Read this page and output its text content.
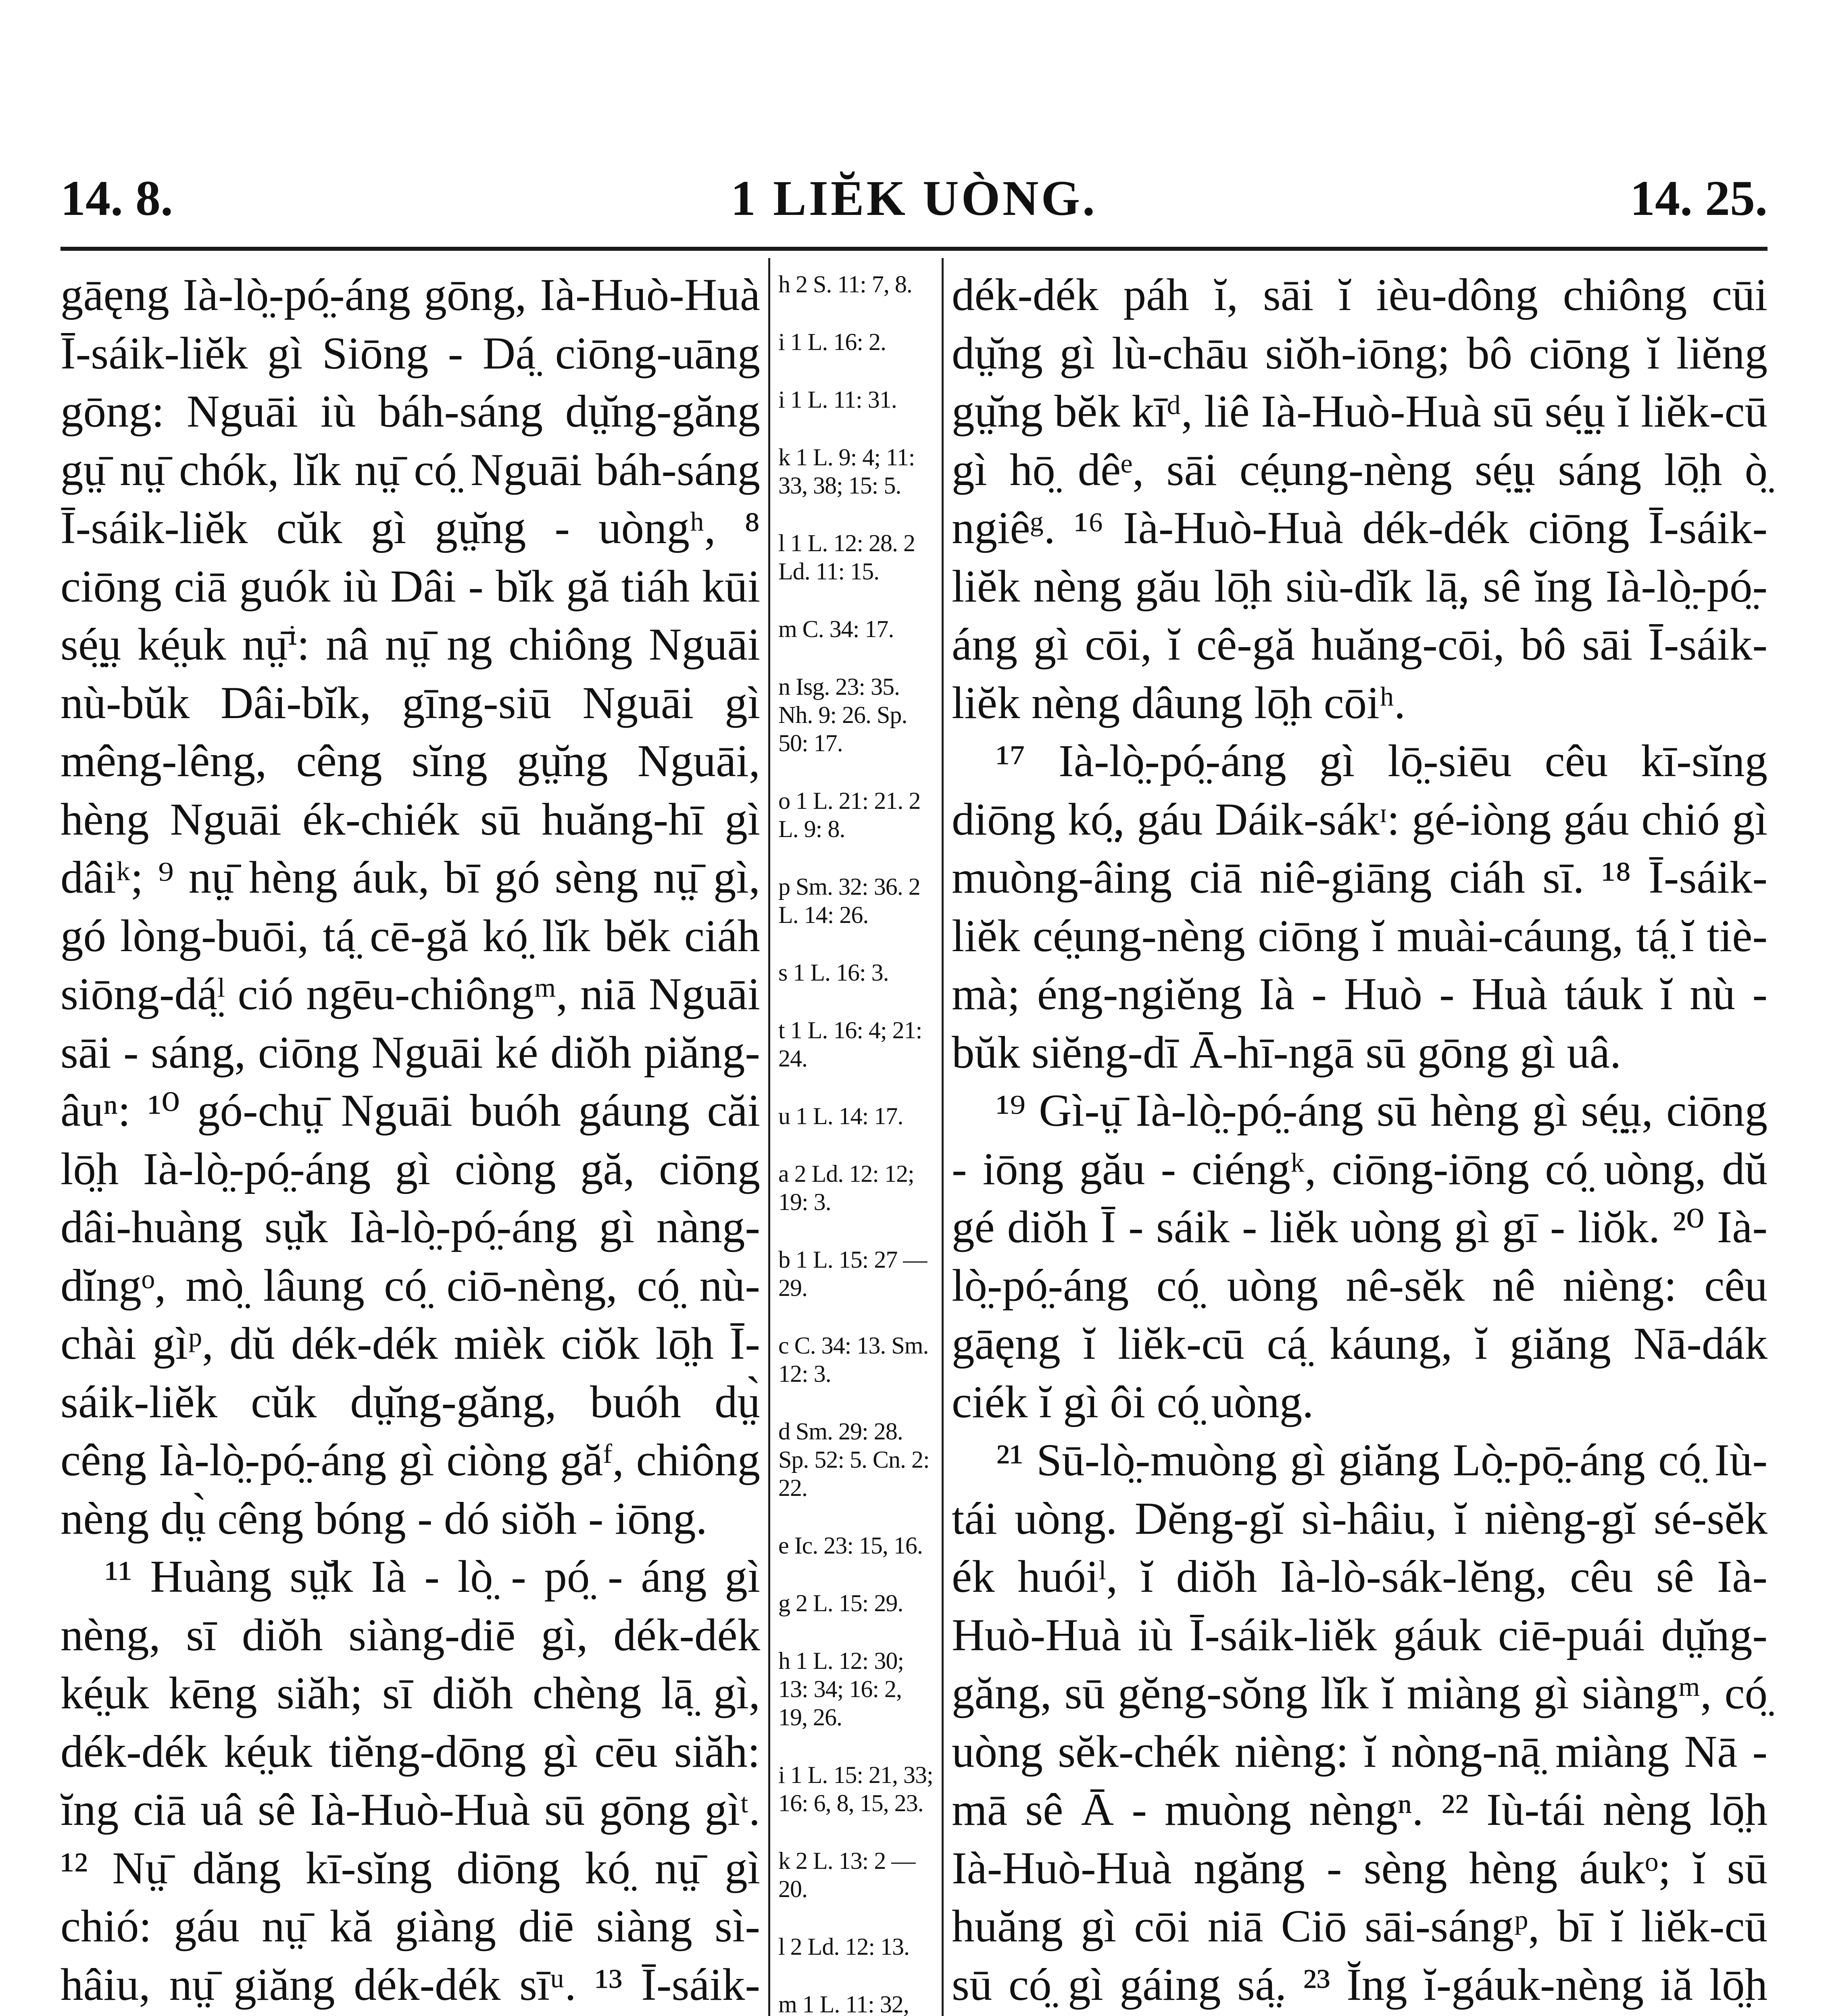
14. 8.	1 LIĔK UÒNG.	14. 25.

gāęng Ià-lò̤-pó̤-áng gōng, Ià-Huò-Huà Ī-sáik-liĕk gì Siōng - Dá̤ ciōng-uāng gōng: Nguāi iù báh-sáng dṳ̆ng-găng gṳ̄ nṳ̄ chók, lĭk nṳ̄ có̤ Nguāi báh-sáng Ī-sáik-liĕk cŭk gì gṳ̆ng - uòngʰ, ⁸ ciōng ciā guók iù Dâi - bĭk gă tiáh kūi sé̤ṳ ké̤uk nṳ̄ⁱ: nâ nṳ̄ ng chiông Nguāi nù-bŭk Dâi-bĭk, gīng-siū Nguāi gì mêng-lêng, cêng sĭng gṳ̆ng Nguāi, hèng Nguāi ék-chiék sū huăng-hī gì dâiᵏ; ⁹ nṳ̄ hèng áuk, bī gó sèng nṳ̄ gì, gó lòng-buōi, tá̤ cē-gă kó̤ lĭk bĕk ciáh siōng-dá̤ˡ ció ngēu-chiôngᵐ, niā Nguāi sāi - sáng, ciōng Nguāi ké diŏh piăng-âuⁿ: ¹⁰ gó-chṳ̄ Nguāi buóh gáung căi lō̤h Ià-lò̤-pó̤-áng gì ciòng gă, ciōng dâi-huàng sṳ̆k Ià-lò̤-pó̤-áng gì nàng-dĭngᵒ, mò̤ lâung có̤ ciō-nèng, có̤ nù-chài gìᵖ, dŭ dék-dék mièk ciŏk lō̤h Ī-sáik-liĕk cŭk dṳ̆ng-găng, buóh dṳ̀ cêng Ià-lò̤-pó̤-áng gì ciòng găᶠ, chiông nèng dṳ̀ cêng bóng - dó siŏh - iōng.

¹¹ Huàng sṳ̆k Ià - lò̤ - pó̤ - áng gì nèng, sī diŏh siàng-diē gì, dék-dék ké̤uk kēng siăh; sī diŏh chèng lā̤ gì, dék-dék ké̤uk tiĕng-dōng gì cēu siăh: ĭng ciā uâ sê Ià-Huò-Huà sū gōng gìᵗ. ¹² Nṳ̄ dăng kī-sĭng diōng kó̤ nṳ̄ gì chió: gáu nṳ̄ kă giàng diē siàng sì-hâiu, nṳ̄ giăng dék-dék sīᵘ. ¹³ Ī-sáik-

h 2 S. 11: 7, 8.
i 1 L. 16: 2.
i 1 L. 11: 31.
k 1 L. 9: 4; 11: 33, 38; 15: 5.
l 1 L. 12: 28. 2 Ld. 11: 15.
m C. 34: 17.
n Isg. 23: 35. Nh. 9: 26. Sp. 50: 17.
o 1 L. 21: 21. 2 L. 9: 8.
p Sm. 32: 36. 2 L. 14: 26.
s 1 L. 16: 3.
t 1 L. 16: 4; 21: 24.
u 1 L. 14: 17.
a 2 Ld. 12: 12; 19: 3.
b 1 L. 15: 27 —29.
c C. 34: 13. Sm. 12: 3.
d Sm. 29: 28. Sp. 52: 5. Cn. 2: 22.
e Ic. 23: 15, 16.
g 2 L. 15: 29.
h 1 L. 12: 30; 13: 34; 16: 2, 19, 26.
i 1 L. 15: 21, 33; 16: 6, 8, 15, 23.
k 2 L. 13: 2 —20.
l 2 Ld. 12: 13.
m 1 L. 11: 32,

dék-dék páh ĭ, sāi ĭ ièu-dông chiông cūi dṳ̆ng gì lù-chāu siŏh-iōng; bô ciōng ĭ liĕng gṳ̆ng bĕk kīᵈ, liê Ià-Huò-Huà sū sé̤ṳ ĭ liĕk-cū gì hō̤ dêᵉ, sāi cé̤ung-nèng sé̤ṳ sáng lō̤h ò̤ ngiêᵍ. ¹⁶ Ià-Huò-Huà dék-dék ciōng Ī-sáik-liĕk nèng gău lō̤h siù-dĭk lā̤, sê ĭng Ià-lò̤-pó̤-áng gì cōi, ĭ cê-gă huăng-cōi, bô sāi Ī-sáik-liĕk nèng dâung lō̤h cōiʰ.

¹⁷ Ià-lò̤-pó̤-áng gì lō̤-siēu cêu kī-sĭng diōng kó̤, gáu Dáik-sákᶦ: gé-iòng gáu chió gì muòng-âing ciā niê-giāng ciáh sī. ¹⁸ Ī-sáik-liĕk cé̤ung-nèng ciōng ĭ muài-cáung, tá̤ ĭ tiè-mà; éng-ngiĕng Ià - Huò - Huà táuk ĭ nù - bŭk siĕng-dī Ā-hī-ngā sū gōng gì uâ.

¹⁹ Gì-ṳ̄ Ià-lò̤-pó̤-áng sū hèng gì sé̤ṳ, ciōng - iōng gău - ciéngᵏ, ciōng-iōng có̤ uòng, dŭ gé diŏh Ī - sáik - liĕk uòng gì gī - liŏk. ²⁰ Ià-lò̤-pó̤-áng có̤ uòng nê-sĕk nê nièng: cêu gāęng ĭ liĕk-cū cá̤ káung, ĭ giăng Nā-dák ciék ĭ gì ôi có̤ uòng.

²¹ Sū-lò̤-muòng gì giăng Lò̤-pō̤-áng có̤ Iù-tái uòng. Dĕng-gĭ sì-hâiu, ĭ nièng-gĭ sé-sĕk ék huóiˡ, ĭ diŏh Ià-lò-sák-lĕng, cêu sê Ià-Huò-Huà iù Ī-sáik-liĕk gáuk ciē-puái dṳ̆ng-găng, sū gĕng-sŏng lĭk ĭ miàng gì siàngᵐ, có̤ uòng sĕk-chék nièng: ĭ nòng-nā̤ miàng Nā - mā sê Ā - muòng nèngⁿ. ²² Iù-tái nèng lō̤h Ià-Huò-Huà ngăng - sèng hèng áukᵒ; ĭ sū huăng gì cōi niā Ciō sāi-sángᵖ, bī ĭ liĕk-cū sū có̤ gì gáing sá̤. ²³ Ĭng ĭ-gáuk-nèng iă lō̤h
